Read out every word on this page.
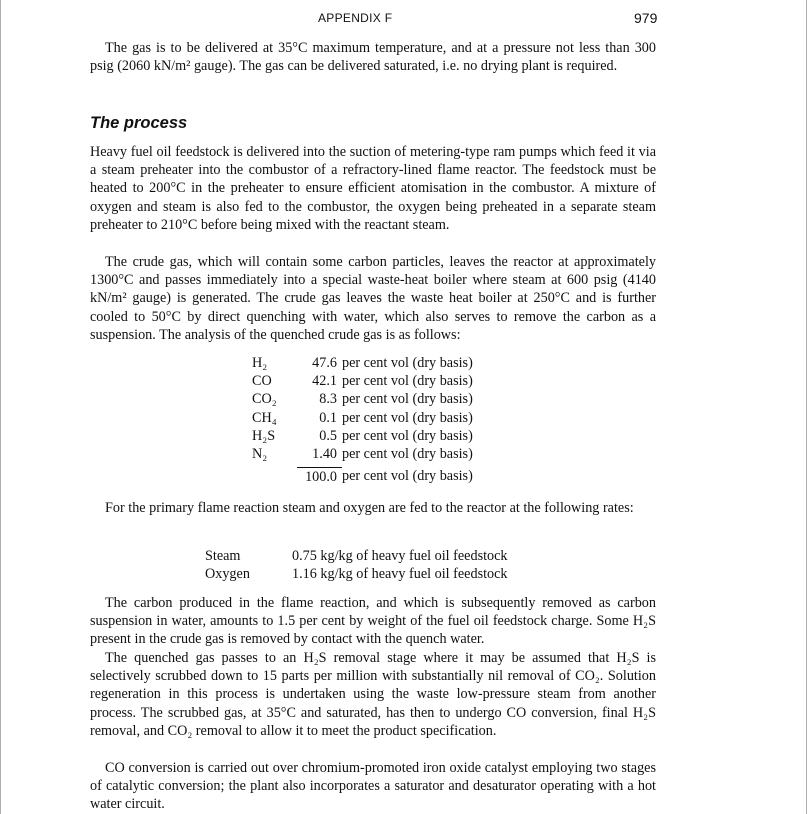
APPENDIX F	979

The gas is to be delivered at 35°C maximum temperature, and at a pressure not less than 300 psig (2060 kN/m² gauge). The gas can be delivered saturated, i.e. no drying plant is required.

The process

Heavy fuel oil feedstock is delivered into the suction of metering-type ram pumps which feed it via a steam preheater into the combustor of a refractory-lined flame reactor. The feedstock must be heated to 200°C in the preheater to ensure efficient atomisation in the combustor. A mixture of oxygen and steam is also fed to the combustor, the oxygen being preheated in a separate steam preheater to 210°C before being mixed with the reactant steam.

The crude gas, which will contain some carbon particles, leaves the reactor at approximately 1300°C and passes immediately into a special waste-heat boiler where steam at 600 psig (4140 kN/m² gauge) is generated. The crude gas leaves the waste heat boiler at 250°C and is further cooled to 50°C by direct quenching with water, which also serves to remove the carbon as a suspension. The analysis of the quenched crude gas is as follows:

H₂	47.6 per cent vol (dry basis)
CO	42.1 per cent vol (dry basis)
CO₂	8.3 per cent vol (dry basis)
CH₄	0.1 per cent vol (dry basis)
H₂S	0.5 per cent vol (dry basis)
N₂	1.40 per cent vol (dry basis)
100.0 per cent vol (dry basis)

For the primary flame reaction steam and oxygen are fed to the reactor at the following rates:

Steam	0.75 kg/kg of heavy fuel oil feedstock
Oxygen	1.16 kg/kg of heavy fuel oil feedstock

The carbon produced in the flame reaction, and which is subsequently removed as carbon suspension in water, amounts to 1.5 per cent by weight of the fuel oil feedstock charge. Some H₂S present in the crude gas is removed by contact with the quench water.

The quenched gas passes to an H₂S removal stage where it may be assumed that H₂S is selectively scrubbed down to 15 parts per million with substantially nil removal of CO₂. Solution regeneration in this process is undertaken using the waste low-pressure steam from another process. The scrubbed gas, at 35°C and saturated, has then to undergo CO conversion, final H₂S removal, and CO₂ removal to allow it to meet the product specification.

CO conversion is carried out over chromium-promoted iron oxide catalyst employing two stages of catalytic conversion; the plant also incorporates a saturator and desaturator operating with a hot water circuit.
